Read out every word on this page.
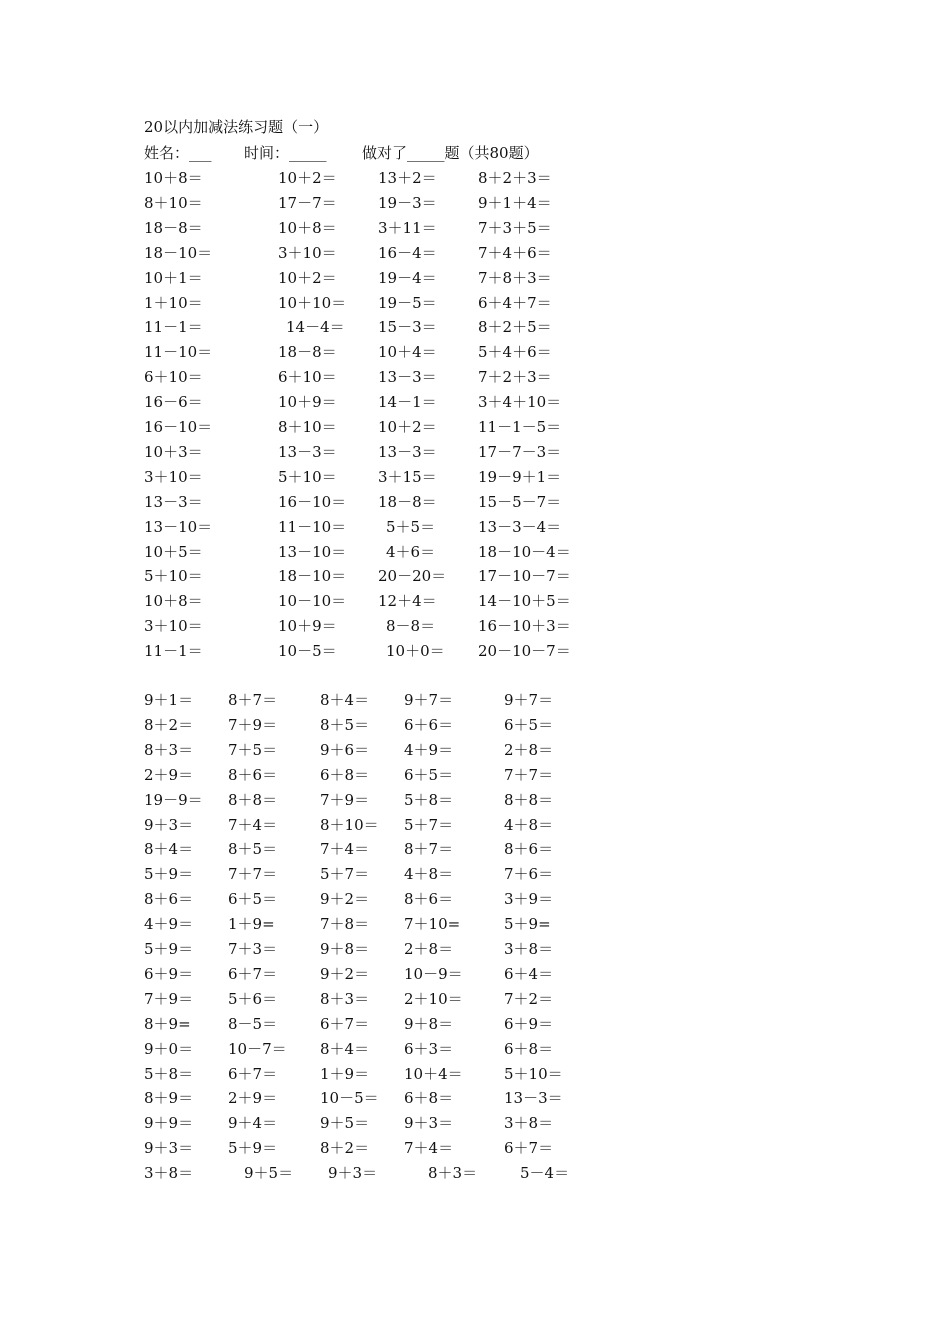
20以内加减法练习题（一）
姓名：___ 时间：_____ 做对了_____题（共80题）
10＋8＝	10＋2＝	13＋2＝	8＋2＋3＝
8＋10＝	17－7＝	19－3＝	9＋1＋4＝
18－8＝	10＋8＝	3＋11＝	7＋3＋5＝
18－10＝	3＋10＝	16－4＝	7＋4＋6＝
10＋1＝	10＋2＝	19－4＝	7＋8＋3＝
1＋10＝	10＋10＝ 19－5＝	6＋4＋7＝
11－1＝	14－4＝ 15－3＝	8＋2＋5＝
11－10＝	18－8＝	10＋4＝	5＋4＋6＝
6＋10＝	6＋10＝	13－3＝	7＋2＋3＝
16－6＝	10＋9＝	14－1＝	3＋4＋10＝
16－10＝	8＋10＝	10＋2＝	11－1－5＝
10＋3＝	13－3＝	13－3＝	17－7－3＝
3＋10＝	5＋10＝	3＋15＝	19－9＋1＝
13－3＝	16－10＝ 18－8＝	15－5－7＝
13－10＝	11－10＝	5＋5＝	13－3－4＝
10＋5＝	13－10＝	4＋6＝	18－10－4＝
5＋10＝	18－10＝ 20－20＝ 17－10－7＝
10＋8＝	10－10＝ 12＋4＝	14－10＋5＝
3＋10＝	10＋9＝	8－8＝	16－10＋3＝
11－1＝	10－5＝	10＋0＝ 20－10－7＝
9＋1＝ 8＋7＝	8＋4＝ 9＋7＝	9＋7＝
8＋2＝ 7＋9＝	8＋5＝ 6＋6＝	6＋5＝
8＋3＝ 7＋5＝	9＋6＝ 4＋9＝	2＋8＝
2＋9＝ 8＋6＝	6＋8＝ 6＋5＝	7＋7＝
19－9＝ 8＋8＝	7＋9＝ 5＋8＝	8＋8＝
9＋3＝ 7＋4＝	8＋10＝ 5＋7＝	4＋8＝
8＋4＝ 8＋5＝	7＋4＝ 8＋7＝	8＋6＝
5＋9＝ 7＋7＝	5＋7＝ 4＋8＝	7＋6＝
8＋6＝ 6＋5＝	9＋2＝ 8＋6＝	3＋9＝
4＋9＝ 1＋9=	7＋8＝ 7＋10=	5＋9=
5＋9＝ 7＋3＝	9＋8＝ 2＋8＝	3＋8＝
6＋9＝ 6＋7＝	9＋2＝ 10－9＝	6＋4＝
7＋9＝ 5＋6＝	8＋3＝ 2＋10＝	7＋2＝
8＋9= 8－5＝	6＋7＝ 9＋8＝	6＋9＝
9＋0＝ 10－7＝ 8＋4＝ 6＋3＝	6＋8＝
5＋8＝ 6＋7＝	1＋9＝ 10＋4＝	5＋10＝
8＋9＝ 2＋9＝	10－5＝ 6＋8＝	13－3＝
9＋9＝ 9＋4＝	9＋5＝ 9＋3＝	3＋8＝
9＋3＝ 5＋9＝	8＋2＝ 7＋4＝	6＋7＝
3＋8＝	9＋5＝ 9＋3＝	8＋3＝	5－4＝
